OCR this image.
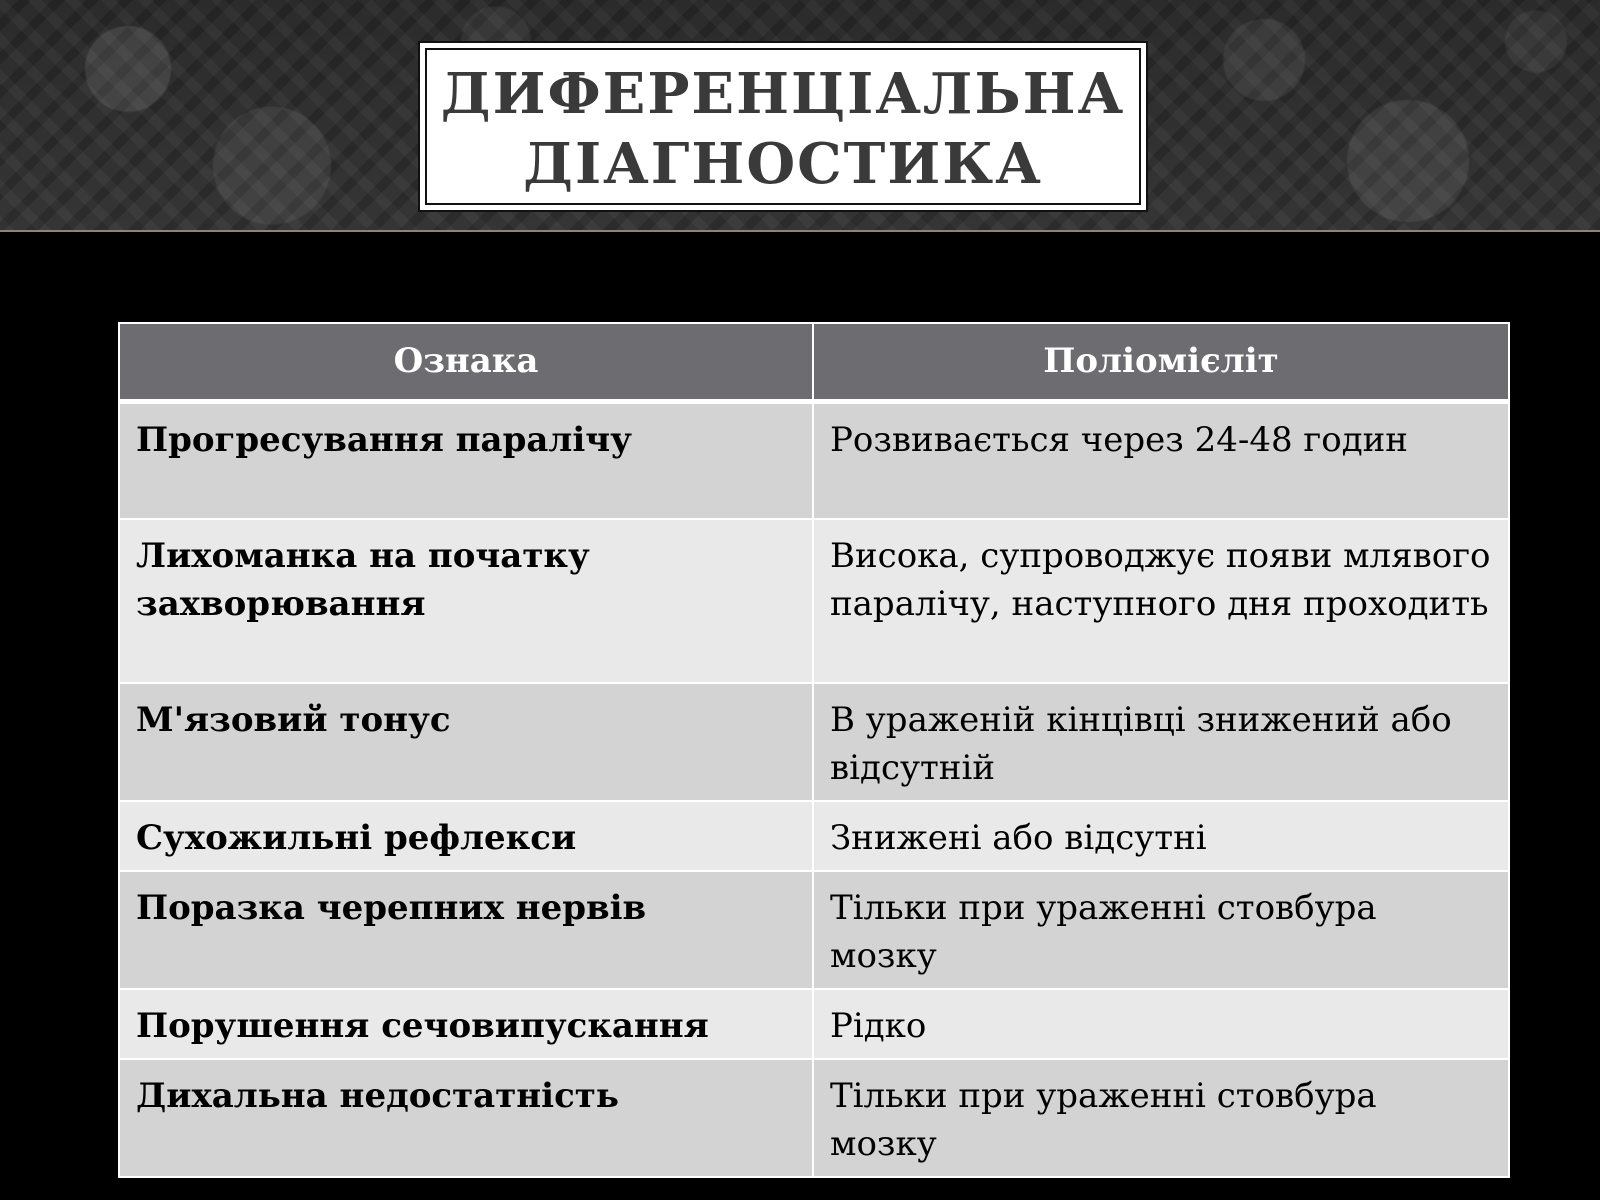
ДИФЕРЕНЦІАЛЬНА
ДІАГНОСТИКА
Ознака	Поліомієліт
Прогресування паралічу	Розвивається через 24-48 годин
Лихоманка на початку захворювання	Висока, супроводжує появи млявого паралічу, наступного дня проходить
М'язовий тонус	В ураженій кінцівці знижений або відсутній
Сухожильні рефлекси	Знижені або відсутні
Поразка черепних нервів	Тільки при ураженні стовбура мозку
Порушення сечовипускання	Рідко
Дихальна недостатність	Тільки при ураженні стовбура мозку
